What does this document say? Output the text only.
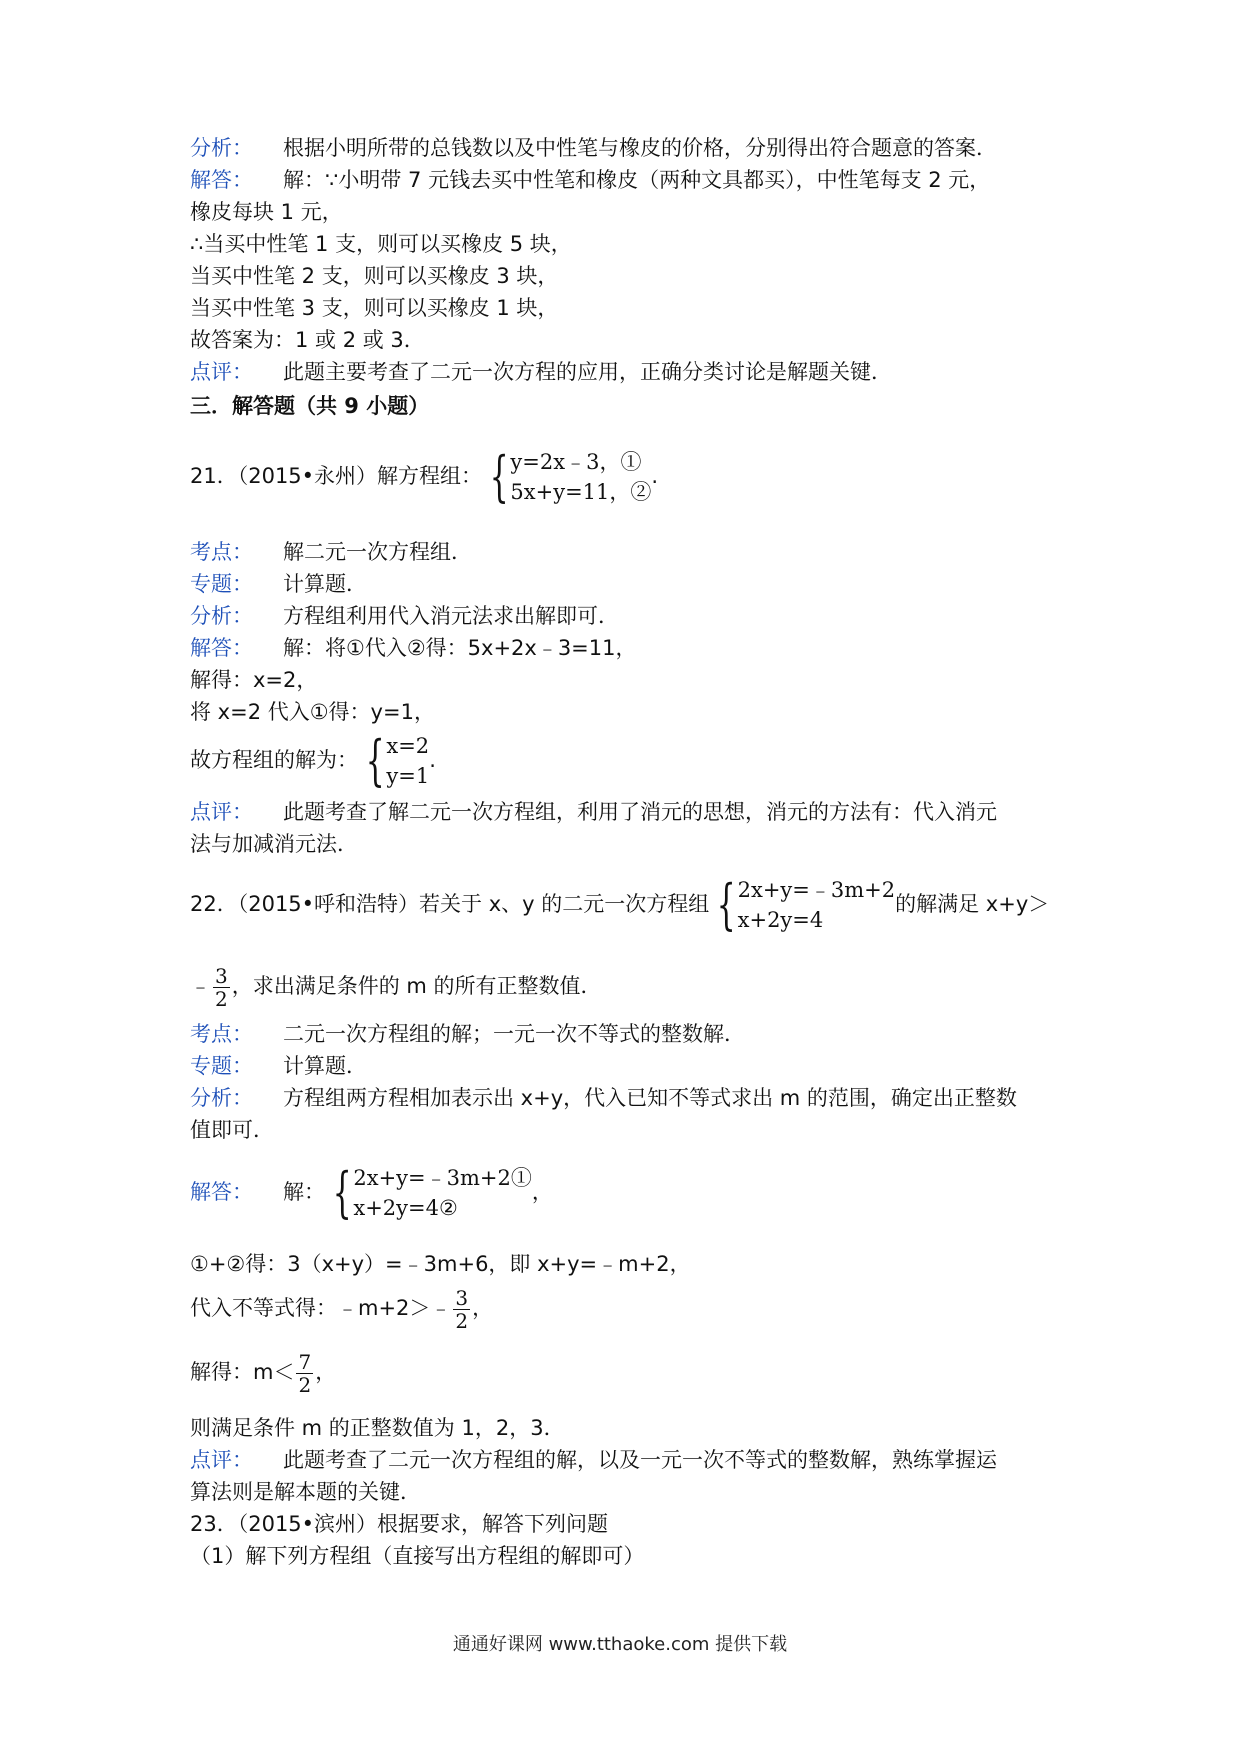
分析： 根据小明所带的总钱数以及中性笔与橡皮的价格，分别得出符合题意的答案．
解答： 解：∵小明带 7 元钱去买中性笔和橡皮（两种文具都买），中性笔每支 2 元，
橡皮每块 1 元，
∴当买中性笔 1 支，则可以买橡皮 5 块，
当买中性笔 2 支，则可以买橡皮 3 块，
当买中性笔 3 支，则可以买橡皮 1 块，
故答案为：1 或 2 或 3．
点评： 此题主要考查了二元一次方程的应用，正确分类讨论是解题关键．
三．解答题（共 9 小题）
21．（2015•永州）解方程组： { y=2x﹣3，①
5x+y=11，②
.
考点： 解二元一次方程组．
专题： 计算题．
分析： 方程组利用代入消元法求出解即可．
解答： 解：将①代入②得：5x+2x﹣3=11，
解得：x=2，
将 x=2 代入①得：y=1，
故方程组的解为： { x=2
y=1
.
点评： 此题考查了解二元一次方程组，利用了消元的思想，消元的方法有：代入消元
法与加减消元法．
22．（2015•呼和浩特）若关于 x、y 的二元一次方程组 { 2x+y=﹣3m+2
x+2y=4
的解满足 x+y＞
﹣ $\frac{3}{2}$ ，求出满足条件的 m 的所有正整数值．
考点： 二元一次方程组的解；一元一次不等式的整数解．
专题： 计算题．
分析： 方程组两方程相加表示出 x+y，代入已知不等式求出 m 的范围，确定出正整数
值即可．
解答： 解： { 2x+y=﹣3m+2①
x+2y=4②
，
①+②得：3（x+y）=﹣3m+6，即 x+y=﹣m+2，
代入不等式得：﹣m+2＞﹣ $\frac{3}{2}$ ，
解得：$m< \frac{7}{2}$ ，
则满足条件 m 的正整数值为 1，2，3．
点评： 此题考查了二元一次方程组的解，以及一元一次不等式的整数解，熟练掌握运
算法则是解本题的关键．
23．（2015•滨州）根据要求，解答下列问题
（1）解下列方程组（直接写出方程组的解即可）
通通好课网 www.tthaoke.com 提供下载
